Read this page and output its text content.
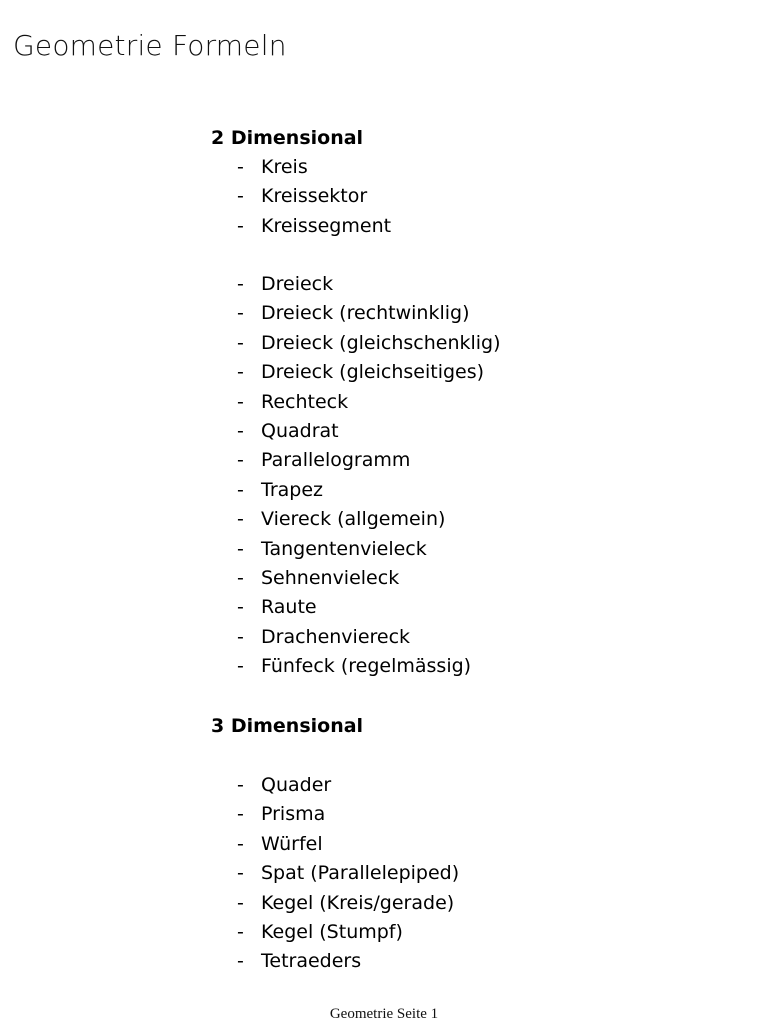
Geometrie Formeln
2 Dimensional
- Kreis
- Kreissektor
- Kreissegment
- Dreieck
- Dreieck (rechtwinklig)
- Dreieck (gleichschenklig)
- Dreieck (gleichseitiges)
- Rechteck
- Quadrat
- Parallelogramm
- Trapez
- Viereck (allgemein)
- Tangentenvieleck
- Sehnenvieleck
- Raute
- Drachenviereck
- Fünfeck (regelmässig)
3 Dimensional
- Quader
- Prisma
- Würfel
- Spat (Parallelepiped)
- Kegel (Kreis/gerade)
- Kegel (Stumpf)
- Tetraeders

Geometrie Seite 1
